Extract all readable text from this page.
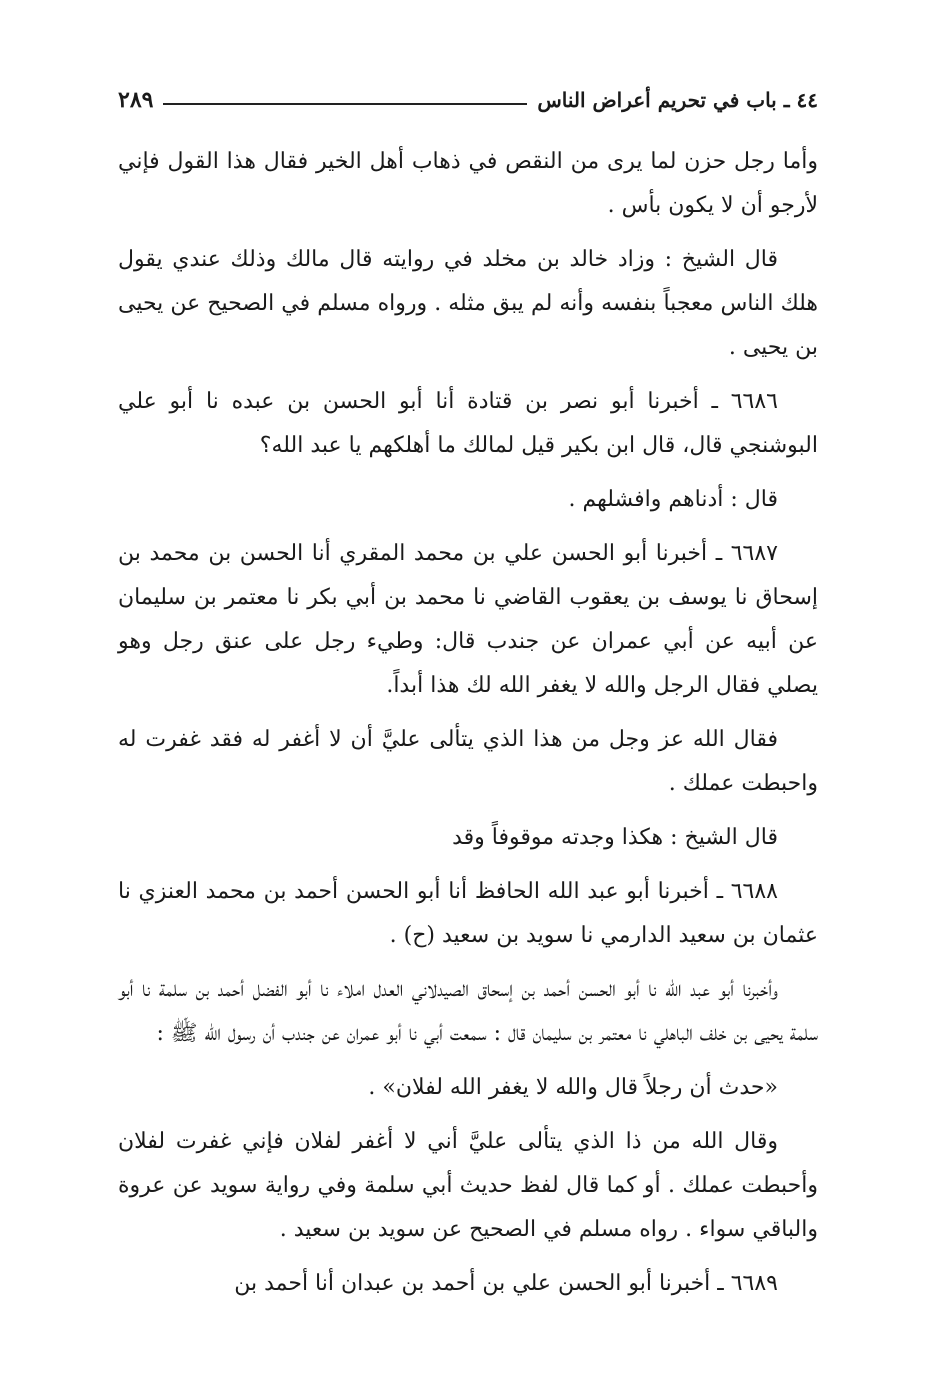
٢٨٩	٤٤ ـ باب في تحريم أعراض الناس

وأما رجل حزن لما يرى من النقص في ذهاب أهل الخير فقال هذا القول فإني لأرجو أن لا يكون بأس .

قال الشيخ : وزاد خالد بن مخلد في روايته قال مالك وذلك عندي يقول هلك الناس معجباً بنفسه وأنه لم يبق مثله . ورواه مسلم في الصحيح عن يحيى بن يحيى .

٦٦٨٦ ـ أخبرنا أبو نصر بن قتادة أنا أبو الحسن بن عبده نا أبو علي البوشنجي قال، قال ابن بكير قيل لمالك ما أهلكهم يا عبد الله؟

قال : أدناهم وافشلهم .

٦٦٨٧ ـ أخبرنا أبو الحسن علي بن محمد المقري أنا الحسن بن محمد بن إسحاق نا يوسف بن يعقوب القاضي نا محمد بن أبي بكر نا معتمر بن سليمان عن أبيه عن أبي عمران عن جندب قال: وطيء رجل على عنق رجل وهو يصلي فقال الرجل والله لا يغفر الله لك هذا أبداً.

فقال الله عز وجل من هذا الذي يتألى عليَّ أن لا أغفر له فقد غفرت له واحبطت عملك .

قال الشيخ : هكذا وجدته موقوفاً وقد

٦٦٨٨ ـ أخبرنا أبو عبد الله الحافظ أنا أبو الحسن أحمد بن محمد العنزي نا عثمان بن سعيد الدارمي نا سويد بن سعيد (ح) .

وأخبرنا أبو عبد الله نا أبو الحسن أحمد بن إسحاق الصيدلاني العدل املاء نا أبو الفضل أحمد بن سلمة نا أبو سلمة يحيى بن خلف الباهلي نا معتمر بن سليمان قال : سمعت أبي نا أبو عمران عن جندب أن رسول الله ﷺ :

«حدث أن رجلاً قال والله لا يغفر الله لفلان» .

وقال الله من ذا الذي يتألى عليَّ أني لا أغفر لفلان فإني غفرت لفلان وأحبطت عملك . أو كما قال لفظ حديث أبي سلمة وفي رواية سويد عن عروة والباقي سواء . رواه مسلم في الصحيح عن سويد بن سعيد .

٦٦٨٩ ـ أخبرنا أبو الحسن علي بن أحمد بن عبدان أنا أحمد بن
